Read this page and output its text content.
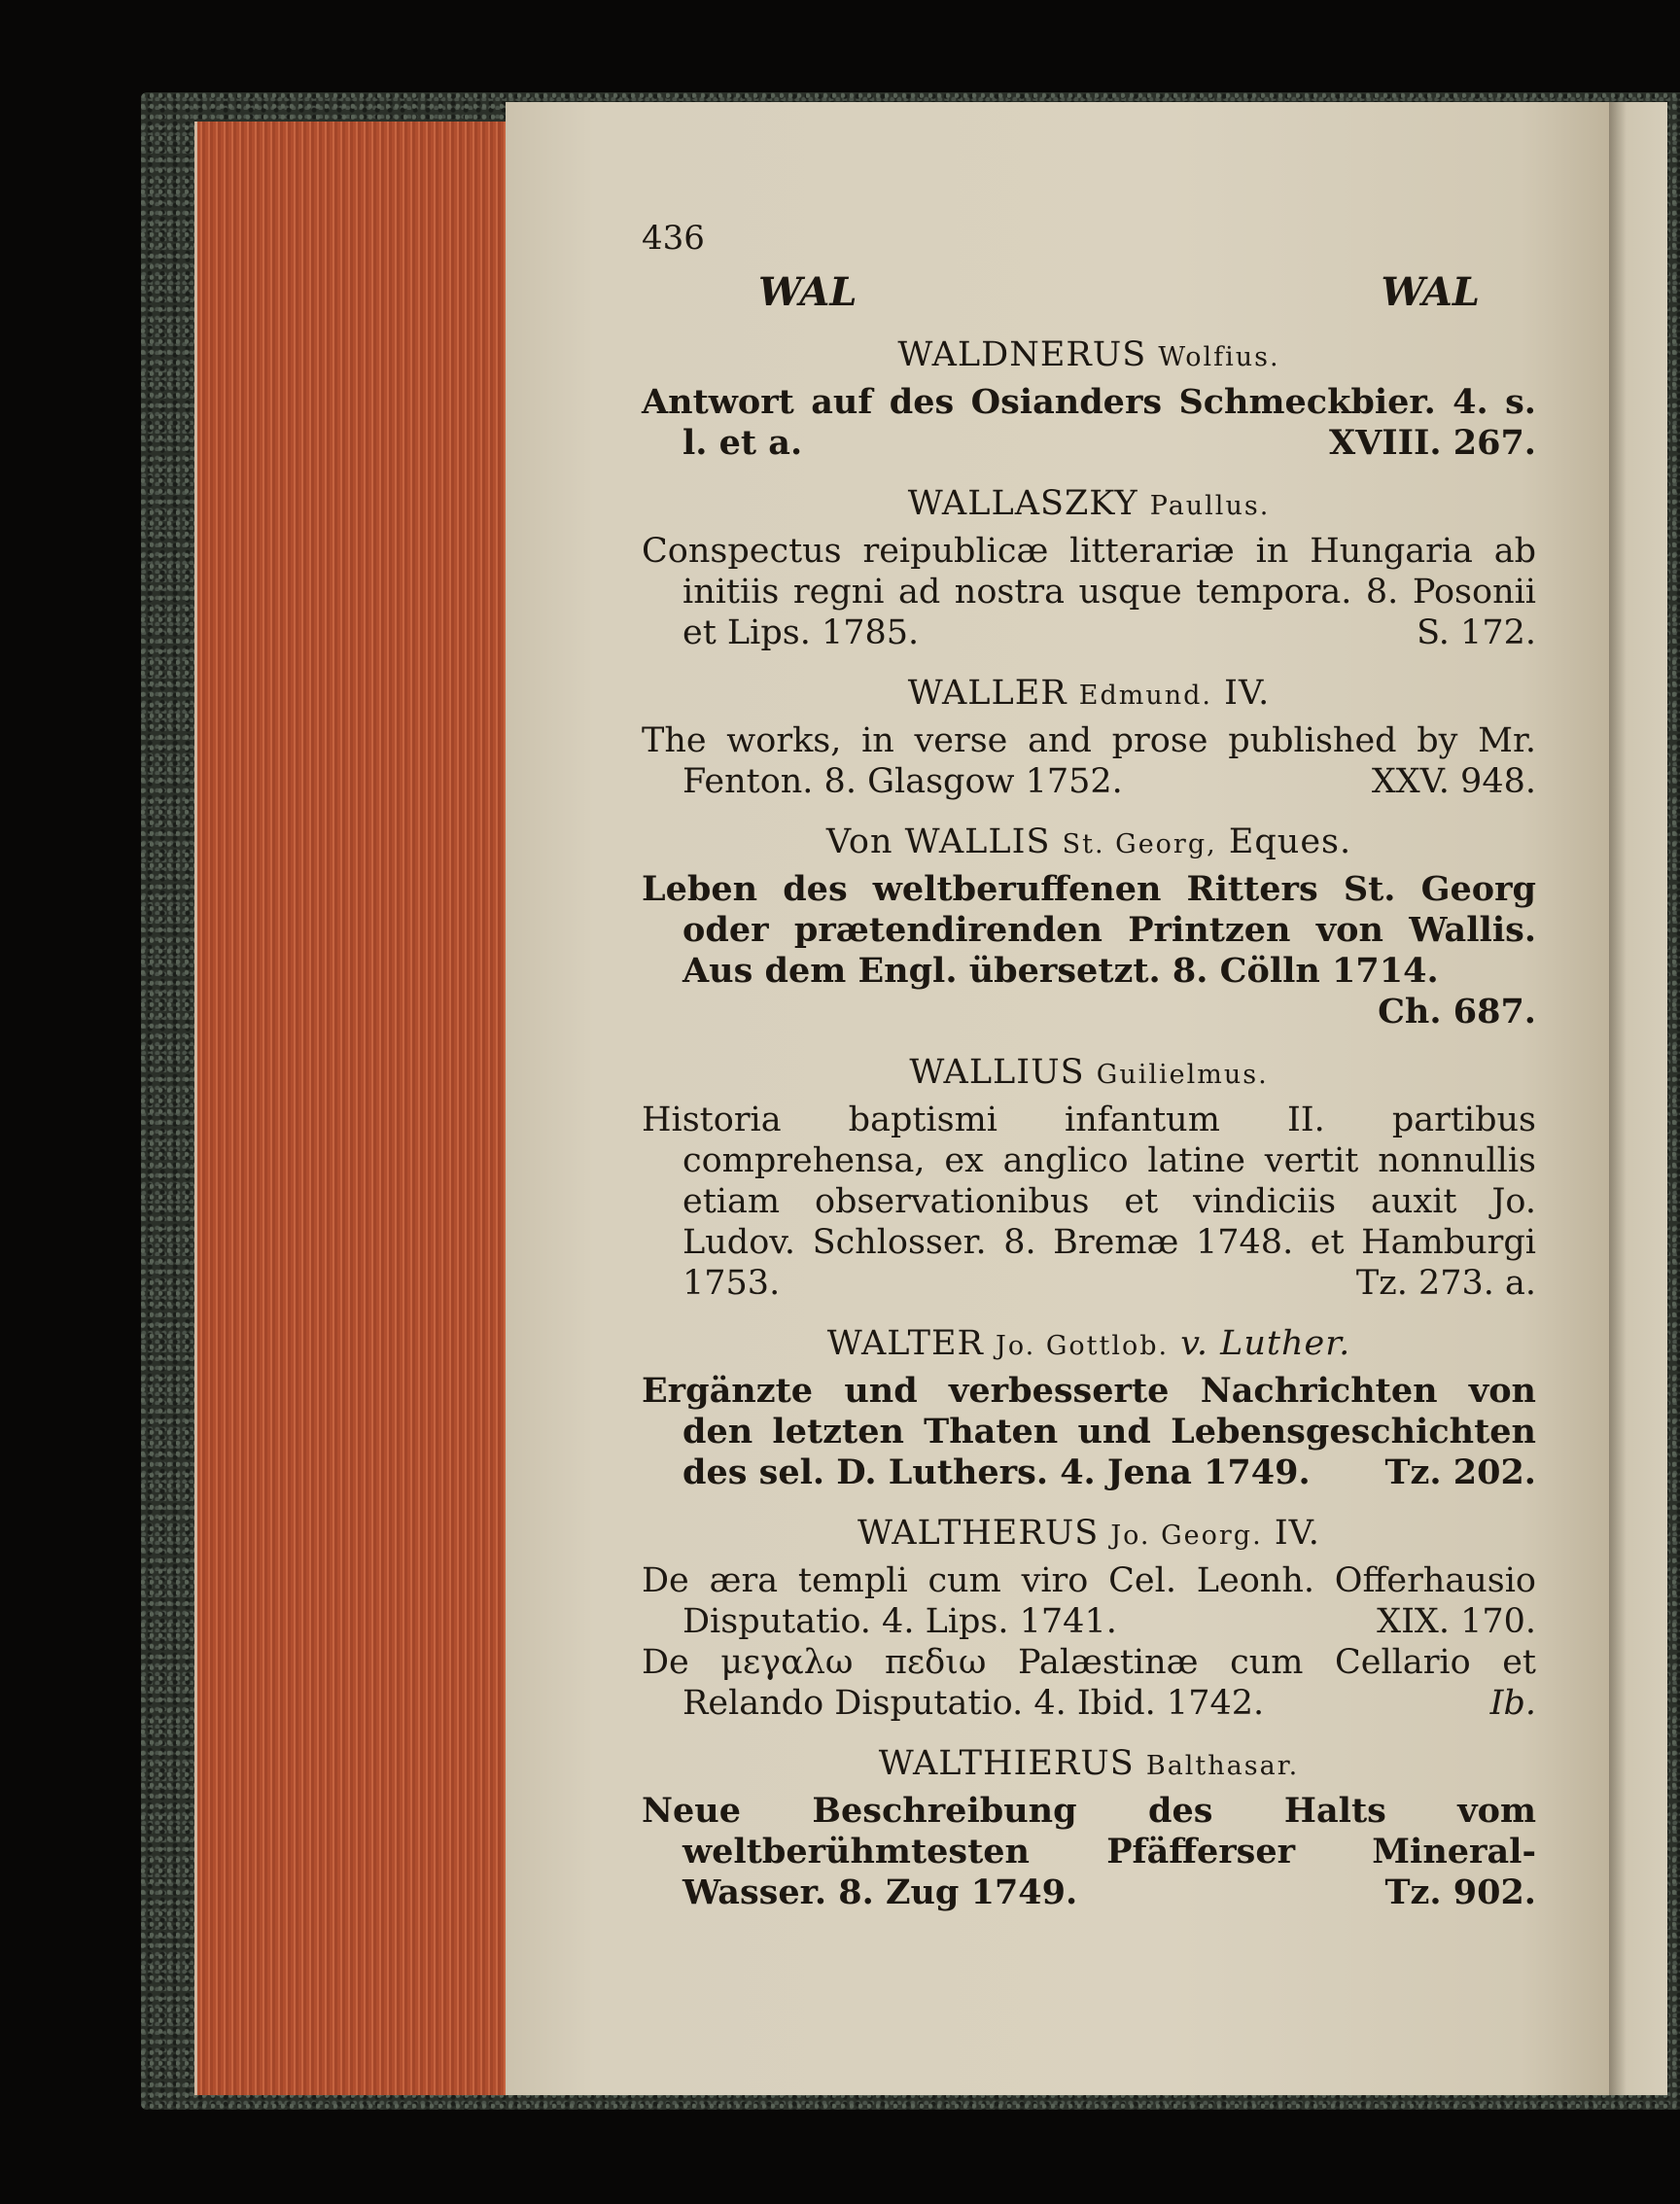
436
WAL	WAL
WALDNERUS Wolfius.
Antwort auf des Osianders Schmeckbier. 4. s. l. et a.	XVIII. 267.
WALLASZKY Paullus.
Conspectus reipublicæ litterariæ in Hungaria ab initiis regni ad nostra usque tempora. 8. Posonii et Lips. 1785.	S. 172.
WALLER Edmund. IV.
The works, in verse and prose published by Mr. Fenton. 8. Glasgow 1752.	XXV. 948.
Von WALLIS St. Georg, Eques.
Leben des weltberuffenen Ritters St. Georg oder prætendirenden Printzen von Wallis. Aus dem Engl. übersetzt. 8. Cölln 1714.
Ch. 687.
WALLIUS Guilielmus.
Historia baptismi infantum II. partibus comprehensa, ex anglico latine vertit nonnullis etiam observationibus et vindiciis auxit Jo. Ludov. Schlosser. 8. Bremæ 1748. et Hamburgi 1753.	Tz. 273. a.
WALTER Jo. Gottlob. v. Luther.
Ergänzte und verbesserte Nachrichten von den letzten Thaten und Lebensgeschichten des sel. D. Luthers. 4. Jena 1749. Tz. 202.
WALTHERUS Jo. Georg. IV.
De æra templi cum viro Cel. Leonh. Offerhausio Disputatio. 4. Lips. 1741.	XIX. 170.
De μεγαλω πεδιω Palæstinæ cum Cellario et Relando Disputatio. 4. Ibid. 1742.	Ib.
WALTHIERUS Balthasar.
Neue Beschreibung des Halts vom weltberühmtesten Pfäfferser Mineral-Wasser. 8. Zug 1749.	Tz. 902.
